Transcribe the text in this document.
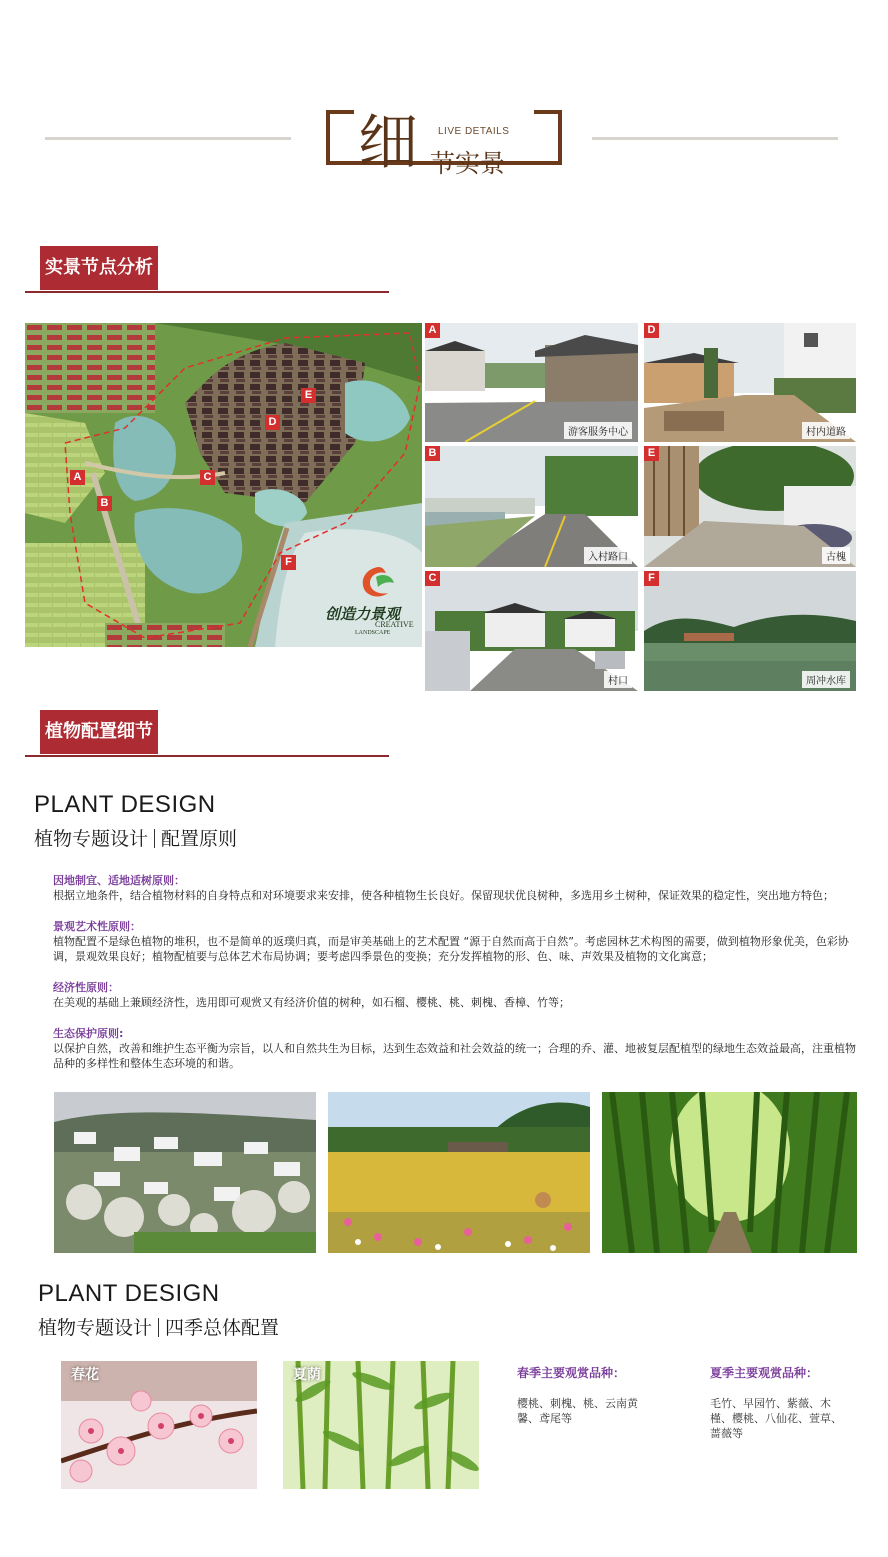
细 LIVE DETAILS
节实景
实景节点分析
A
B
C
D
E
F
创造力景观
CREATIVE
LANDSCAPE
A
游客服务中心
B
入村路口
C
村口
D
村内道路
E
古槐
F
周冲水库
植物配置细节
PLANT DESIGN
植物专题设计 配置原则
因地制宜、适地适树原则：
根据立地条件，结合植物材料的自身特点和对环境要求来安排，使各种植物生长良好。保留现状优良树种，多选用乡土树种，保证效果的稳定性，突出地方特色；
景观艺术性原则：
植物配置不是绿色植物的堆积，也不是简单的返璞归真，而是审美基础上的艺术配置 “源于自然而高于自然”。考虑园林艺术构图的需要，做到植物形象优美，色彩协调，景观效果良好；植物配植要与总体艺术布局协调；要考虑四季景色的变换；充分发挥植物的形、色、味、声效果及植物的文化寓意；
经济性原则：
在美观的基础上兼顾经济性，选用即可观赏又有经济价值的树种，如石榴、樱桃、桃、刺槐、香樟、竹等；
生态保护原则:
以保护自然，改善和维护生态平衡为宗旨，以人和自然共生为目标，达到生态效益和社会效益的统一；合理的乔、灌、地被复层配植型的绿地生态效益最高，注重植物品种的多样性和整体生态环境的和谐。
PLANT DESIGN
植物专题设计 四季总体配置
春花	夏荫	春季主要观赏品种：
樱桃、刺槐、桃、云南黄馨、鸢尾等
夏季主要观赏品种：
毛竹、早园竹、紫薇、木槿、樱桃、八仙花、萱草、蔷薇等
